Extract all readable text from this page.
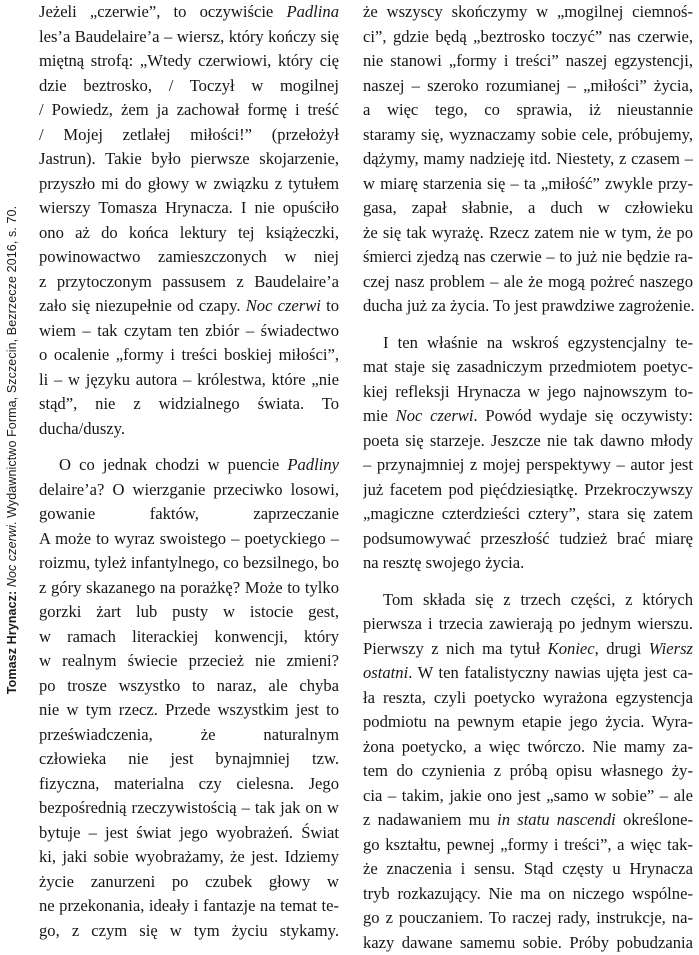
Tomasz Hrynacz: Noc czerwi. Wydawnictwo Forma, Szczecin, Bezrzecze 2016, s. 70.
Jeżeli „czerwie”, to oczywiście Padlina
les’a Baudelaire’a – wiersz, który kończy się
miętną strofą: „Wtedy czerwiowi, który cię
dzie beztrosko, / Toczył w mogilnej
/ Powiedz, żem ja zachował formę i treść
/ Mojej zetlałej miłości!” (przełożył
Jastrun). Takie było pierwsze skojarzenie,
przyszło mi do głowy w związku z tytułem
wierszy Tomasza Hrynacza. I nie opuściło
ono aż do końca lektury tej książeczki,
powinowactwo zamieszczonych w niej
z przytoczonym passusem z Baudelaire’a
zało się niezupełnie od czapy. Noc czerwi to
wiem – tak czytam ten zbiór – świadectwo
o ocalenie „formy i treści boskiej miłości”,
li – w języku autora – królestwa, które „nie
stąd”, nie z widzialnego świata. To
ducha/duszy.
O co jednak chodzi w puencie Padliny
delaire’a? O wierzganie przeciwko losowi,
gowanie faktów, zaprzeczanie
A może to wyraz swoistego – poetyckiego –
roizmu, tyleż infantylnego, co bezsilnego, bo
z góry skazanego na porażkę? Może to tylko
gorzki żart lub pusty w istocie gest,
w ramach literackiej konwencji, który
w realnym świecie przecież nie zmieni?
po trosze wszystko to naraz, ale chyba
nie w tym rzecz. Przede wszystkim jest to
przeświadczenia, że naturalnym
człowieka nie jest bynajmniej tzw.
fizyczna, materialna czy cielesna. Jego
bezpośrednią rzeczywistością – tak jak on w
bytuje – jest świat jego wyobrażeń. Świat
ki, jaki sobie wyobrażamy, że jest. Idziemy
życie zanurzeni po czubek głowy w
ne przekonania, ideały i fantazje na temat te-
go, z czym się w tym życiu stykamy.
że wszyscy skończymy w „mogilnej ciemnoś-
ci”, gdzie będą „beztrosko toczyć” nas czerwie,
nie stanowi „formy i treści” naszej egzystencji,
naszej – szeroko rozumianej – „miłości” życia,
a więc tego, co sprawia, iż nieustannie
staramy się, wyznaczamy sobie cele, próbujemy,
dążymy, mamy nadzieję itd. Niestety, z czasem –
w miarę starzenia się – ta „miłość” zwykle przy-
gasa, zapał słabnie, a duch w człowieku
że się tak wyrażę. Rzecz zatem nie w tym, że po
śmierci zjedzą nas czerwie – to już nie będzie ra-
czej nasz problem – ale że mogą pożreć naszego
ducha już za życia. To jest prawdziwe zagrożenie.
I ten właśnie na wskroś egzystencjalny te-
mat staje się zasadniczym przedmiotem poetyc-
kiej refleksji Hrynacza w jego najnowszym to-
mie Noc czerwi. Powód wydaje się oczywisty:
poeta się starzeje. Jeszcze nie tak dawno młody
– przynajmniej z mojej perspektywy – autor jest
już facetem pod pięćdziesiątkę. Przekroczywszy
„magiczne czterdzieści cztery”, stara się zatem
podsumowywać przeszłość tudzież brać miarę
na resztę swojego życia.
Tom składa się z trzech części, z których
pierwsza i trzecia zawierają po jednym wierszu.
Pierwszy z nich ma tytuł Koniec, drugi Wiersz
ostatni. W ten fatalistyczny nawias ujęta jest ca-
ła reszta, czyli poetycko wyrażona egzystencja
podmiotu na pewnym etapie jego życia. Wyra-
żona poetycko, a więc twórczo. Nie mamy za-
tem do czynienia z próbą opisu własnego ży-
cia – takim, jakie ono jest „samo w sobie” – ale
z nadawaniem mu in statu nascendi określone-
go kształtu, pewnej „formy i treści”, a więc tak-
że znaczenia i sensu. Stąd częsty u Hrynacza
tryb rozkazujący. Nie ma on niczego wspólne-
go z pouczaniem. To raczej rady, instrukcje, na-
kazy dawane samemu sobie. Próby pobudzania
